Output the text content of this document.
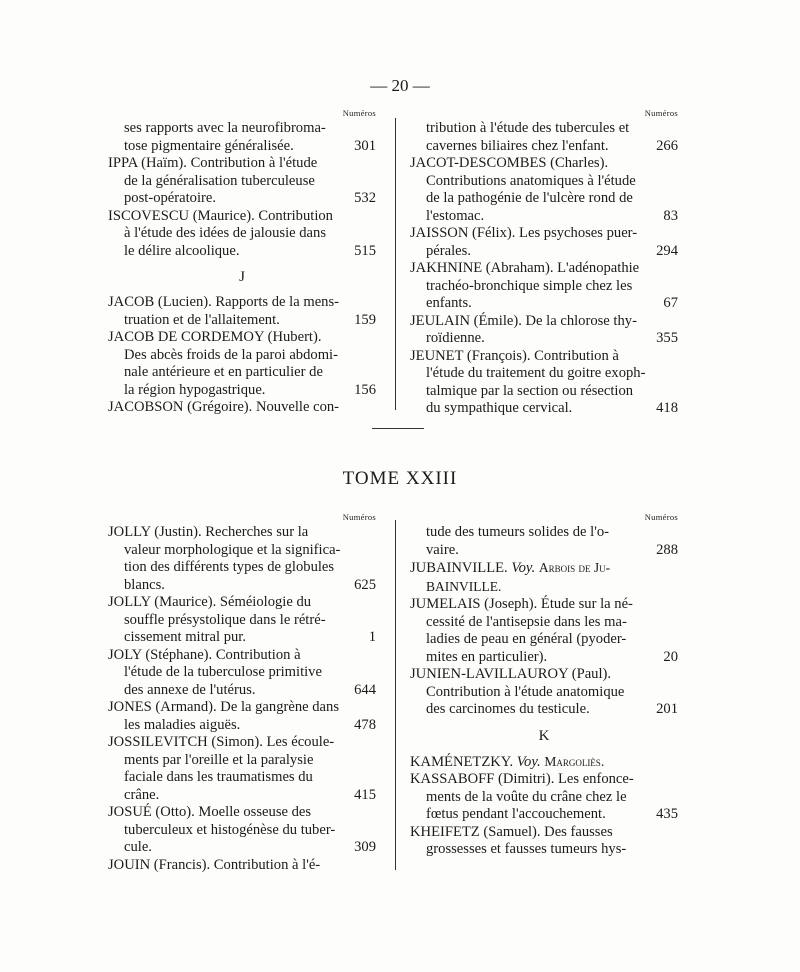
— 20 —
Numéros
ses rapports avec la neurofibroma-
tose pigmentaire généralisée.	301
IPPA (Haïm). Contribution à l'étude
de la généralisation tuberculeuse
post-opératoire.	532
ISCOVESCU (Maurice). Contribution
à l'étude des idées de jalousie dans
le délire alcoolique.	515
J
JACOB (Lucien). Rapports de la mens-
truation et de l'allaitement.	159
JACOB DE CORDEMOY (Hubert).
Des abcès froids de la paroi abdomi-
nale antérieure et en particulier de
la région hypogastrique.	156
JACOBSON (Grégoire). Nouvelle con-
Numéros
tribution à l'étude des tubercules et
cavernes biliaires chez l'enfant.	266
JACOT-DESCOMBES (Charles).
Contributions anatomiques à l'étude
de la pathogénie de l'ulcère rond de
l'estomac.	83
JAISSON (Félix). Les psychoses puer-
pérales.	294
JAKHNINE (Abraham). L'adénopathie
trachéo-bronchique simple chez les
enfants.	67
JEULAIN (Émile). De la chlorose thy-
roïdienne.	355
JEUNET (François). Contribution à
l'étude du traitement du goitre exoph-
talmique par la section ou résection
du sympathique cervical.	418
TOME XXIII
Numéros
JOLLY (Justin). Recherches sur la
valeur morphologique et la significa-
tion des différents types de globules
blancs.	625
JOLLY (Maurice). Séméiologie du
souffle présystolique dans le rétré-
cissement mitral pur.	1
JOLY (Stéphane). Contribution à
l'étude de la tuberculose primitive
des annexe de l'utérus.	644
JONES (Armand). De la gangrène dans
les maladies aiguës.	478
JOSSILEVITCH (Simon). Les écoule-
ments par l'oreille et la paralysie
faciale dans les traumatismes du
crâne.	415
JOSUÉ (Otto). Moelle osseuse des
tuberculeux et histogénèse du tuber-
cule.	309
JOUIN (Francis). Contribution à l'é-
Numéros
tude des tumeurs solides de l'o-
vaire.	288
JUBAINVILLE. Voy. Arbois de Ju-
BAINVILLE.
JUMELAIS (Joseph). Étude sur la né-
cessité de l'antisepsie dans les ma-
ladies de peau en général (pyoder-
mites en particulier).	20
JUNIEN-LAVILLAUROY (Paul).
Contribution à l'étude anatomique
des carcinomes du testicule.	201
K
KAMÉNETZKY. Voy. Margoliès.
KASSABOFF (Dimitri). Les enfonce-
ments de la voûte du crâne chez le
fœtus pendant l'accouchement.	435
KHEIFETZ (Samuel). Des fausses
grossesses et fausses tumeurs hys-
